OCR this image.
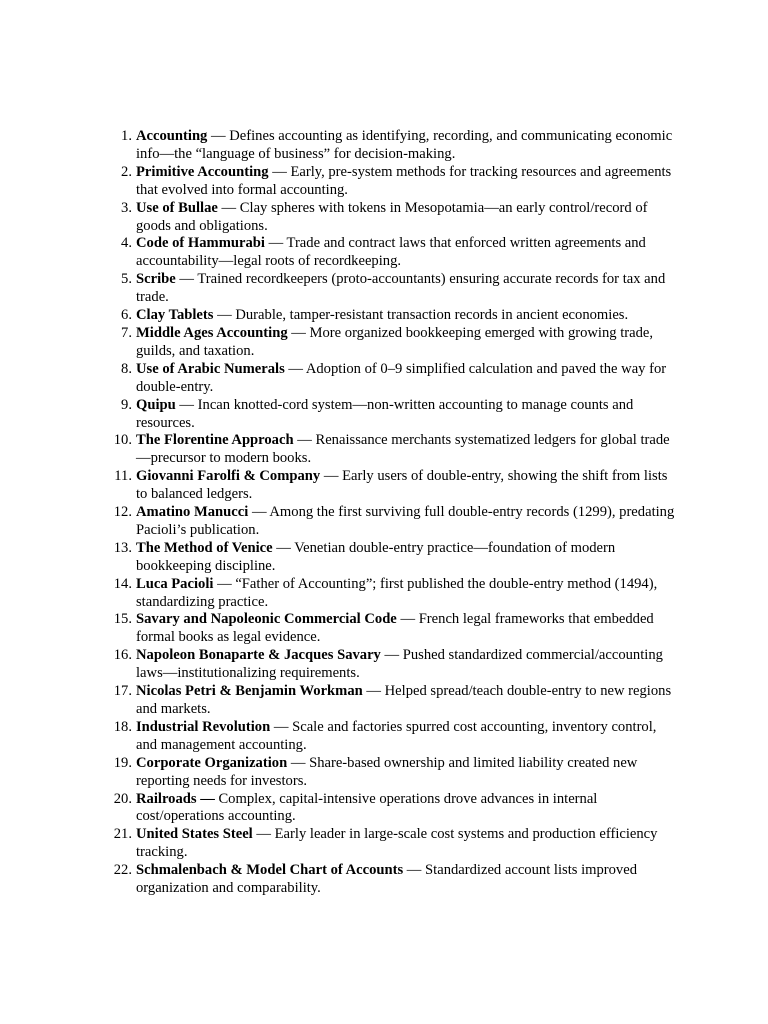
1. Accounting — Defines accounting as identifying, recording, and communicating economic info—the “language of business” for decision-making.
2. Primitive Accounting — Early, pre-system methods for tracking resources and agreements that evolved into formal accounting.
3. Use of Bullae — Clay spheres with tokens in Mesopotamia—an early control/record of goods and obligations.
4. Code of Hammurabi — Trade and contract laws that enforced written agreements and accountability—legal roots of recordkeeping.
5. Scribe — Trained recordkeepers (proto-accountants) ensuring accurate records for tax and trade.
6. Clay Tablets — Durable, tamper-resistant transaction records in ancient economies.
7. Middle Ages Accounting — More organized bookkeeping emerged with growing trade, guilds, and taxation.
8. Use of Arabic Numerals — Adoption of 0–9 simplified calculation and paved the way for double-entry.
9. Quipu — Incan knotted-cord system—non-written accounting to manage counts and resources.
10. The Florentine Approach — Renaissance merchants systematized ledgers for global trade—precursor to modern books.
11. Giovanni Farolfi & Company — Early users of double-entry, showing the shift from lists to balanced ledgers.
12. Amatino Manucci — Among the first surviving full double-entry records (1299), predating Pacioli’s publication.
13. The Method of Venice — Venetian double-entry practice—foundation of modern bookkeeping discipline.
14. Luca Pacioli — “Father of Accounting”; first published the double-entry method (1494), standardizing practice.
15. Savary and Napoleonic Commercial Code — French legal frameworks that embedded formal books as legal evidence.
16. Napoleon Bonaparte & Jacques Savary — Pushed standardized commercial/accounting laws—institutionalizing requirements.
17. Nicolas Petri & Benjamin Workman — Helped spread/teach double-entry to new regions and markets.
18. Industrial Revolution — Scale and factories spurred cost accounting, inventory control, and management accounting.
19. Corporate Organization — Share-based ownership and limited liability created new reporting needs for investors.
20. Railroads — Complex, capital-intensive operations drove advances in internal cost/operations accounting.
21. United States Steel — Early leader in large-scale cost systems and production efficiency tracking.
22. Schmalenbach & Model Chart of Accounts — Standardized account lists improved organization and comparability.
